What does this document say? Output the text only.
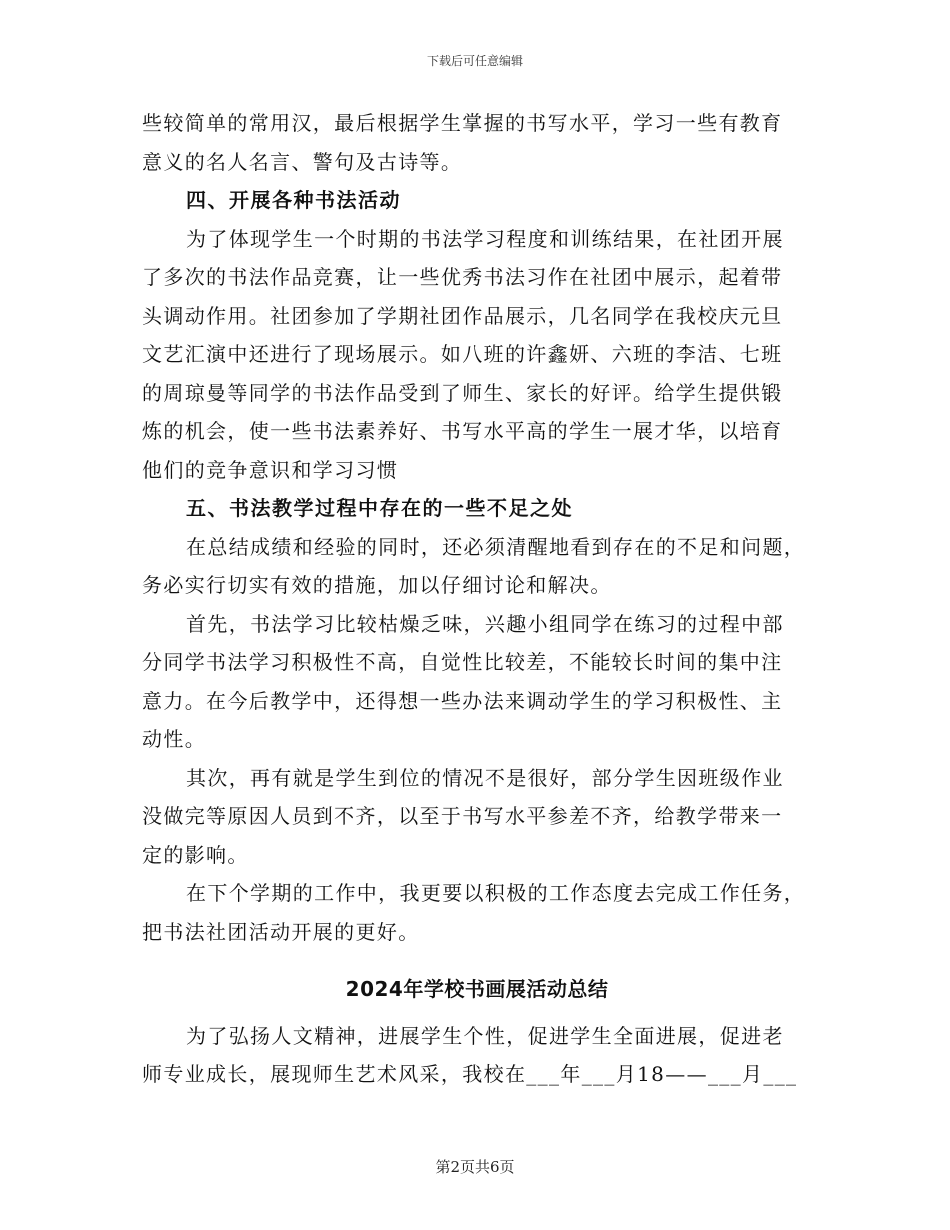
下载后可任意编辑
些较简单的常用汉，最后根据学生掌握的书写水平，学习一些有教育
意义的名人名言、警句及古诗等。
四、开展各种书法活动
为了体现学生一个时期的书法学习程度和训练结果，在社团开展
了多次的书法作品竞赛，让一些优秀书法习作在社团中展示，起着带
头调动作用。社团参加了学期社团作品展示，几名同学在我校庆元旦
文艺汇演中还进行了现场展示。如八班的许鑫妍、六班的李洁、七班
的周琼曼等同学的书法作品受到了师生、家长的好评。给学生提供锻
炼的机会，使一些书法素养好、书写水平高的学生一展才华，以培育
他们的竞争意识和学习习惯
五、书法教学过程中存在的一些不足之处
在总结成绩和经验的同时，还必须清醒地看到存在的不足和问题，
务必实行切实有效的措施，加以仔细讨论和解决。
首先，书法学习比较枯燥乏味，兴趣小组同学在练习的过程中部
分同学书法学习积极性不高，自觉性比较差，不能较长时间的集中注
意力。在今后教学中，还得想一些办法来调动学生的学习积极性、主
动性。
其次，再有就是学生到位的情况不是很好，部分学生因班级作业
没做完等原因人员到不齐，以至于书写水平参差不齐，给教学带来一
定的影响。
在下个学期的工作中，我更要以积极的工作态度去完成工作任务，
把书法社团活动开展的更好。
2024年学校书画展活动总结
为了弘扬人文精神，进展学生个性，促进学生全面进展，促进老
师专业成长，展现师生艺术风采，我校在___年___月18——___月___
第2页共6页
